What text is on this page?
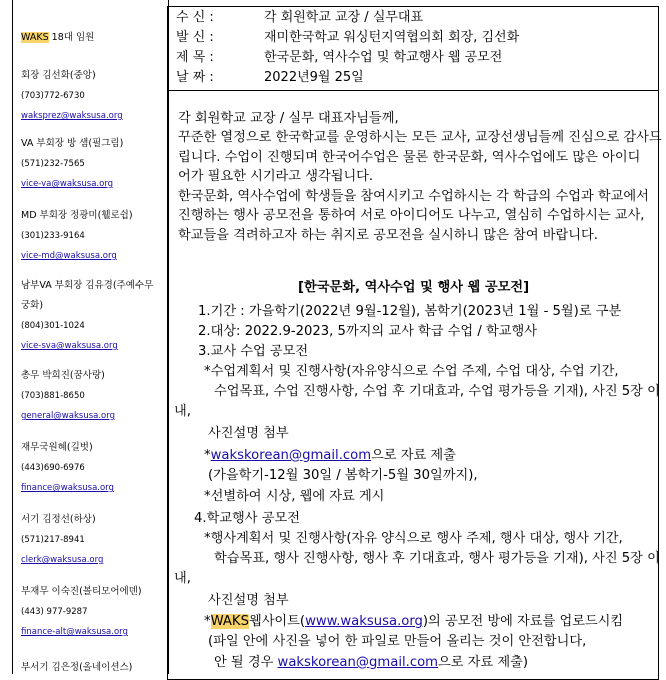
WAKS 18대 임원
회장 김선화(중앙)
(703)772-6730
waksprez@waksusa.org
VA 부회장 방 샘(필그림)
(571)232-7565
vice-va@waksusa.org
MD 부회장 정광미(휄로쉽)
(301)233-9164
vice-md@waksusa.org
남부VA 부회장 김유경(주예수무
궁화)
(804)301-1024
vice-sva@waksusa.org
총무 박희진(꿈사랑)
(703)881-8650
general@waksusa.org
재무국원혜(길벗)
(443)690-6976
finance@waksusa.org
서기 김정선(하상)
(571)217-8941
clerk@waksusa.org
부재무 이숙진(볼티모어에덴)
(443) 977-9287
finance-alt@waksusa.org
부서기 김은정(올네이션스)
수 신 :	각 회원학교 교장 / 실무대표
발 신 :	재미한국학교 워싱턴지역협의회 회장, 김선화
제 목 :	한국문화, 역사수업 및 학교행사 웹 공모전
날 짜 :	2022년9월 25일
각 회원학교 교장 / 실무 대표자님들께,
꾸준한 열정으로 한국학교를 운영하시는 모든 교사, 교장선생님들께 진심으로 감사드
립니다. 수업이 진행되며 한국어수업은 물론 한국문화, 역사수업에도 많은 아이디
어가 필요한 시기라고 생각됩니다.
한국문화, 역사수업에 학생들을 참여시키고 수업하시는 각 학급의 수업과 학교에서
진행하는 행사 공모전을 통하여 서로 아이디어도 나누고, 열심히 수업하시는 교사,
학교들을 격려하고자 하는 취지로 공모전을 실시하니 많은 참여 바랍니다.
[한국문화, 역사수업 및 행사 웹 공모전]
1.기간 : 가을학기(2022년 9월-12월), 봄학기(2023년 1월 - 5월)로 구분
2.대상: 2022.9-2023, 5까지의 교사 학급 수업 / 학교행사
3.교사 수업 공모전
*수업계획서 및 진행사항(자유양식으로 수업 주제, 수업 대상, 수업 기간,
수업목표, 수업 진행사항, 수업 후 기대효과, 수업 평가등을 기재), 사진 5장 이
내,
사진설명 첨부
*wakskorean@gmail.com으로 자료 제출
(가을학기-12월 30일 / 봄학기-5월 30일까지),
*선별하여 시상, 웹에 자료 게시
4.학교행사 공모전
*행사계획서 및 진행사항(자유 양식으로 행사 주제, 행사 대상, 행사 기간,
학습목표, 행사 진행사항, 행사 후 기대효과, 행사 평가등을 기재), 사진 5장 이
내,
사진설명 첨부
*WAKS웹사이트(www.waksusa.org)의 공모전 방에 자료를 업로드시킴
(파일 안에 사진을 넣어 한 파일로 만들어 올리는 것이 안전합니다,
안 될 경우 wakskorean@gmail.com으로 자료 제출)
